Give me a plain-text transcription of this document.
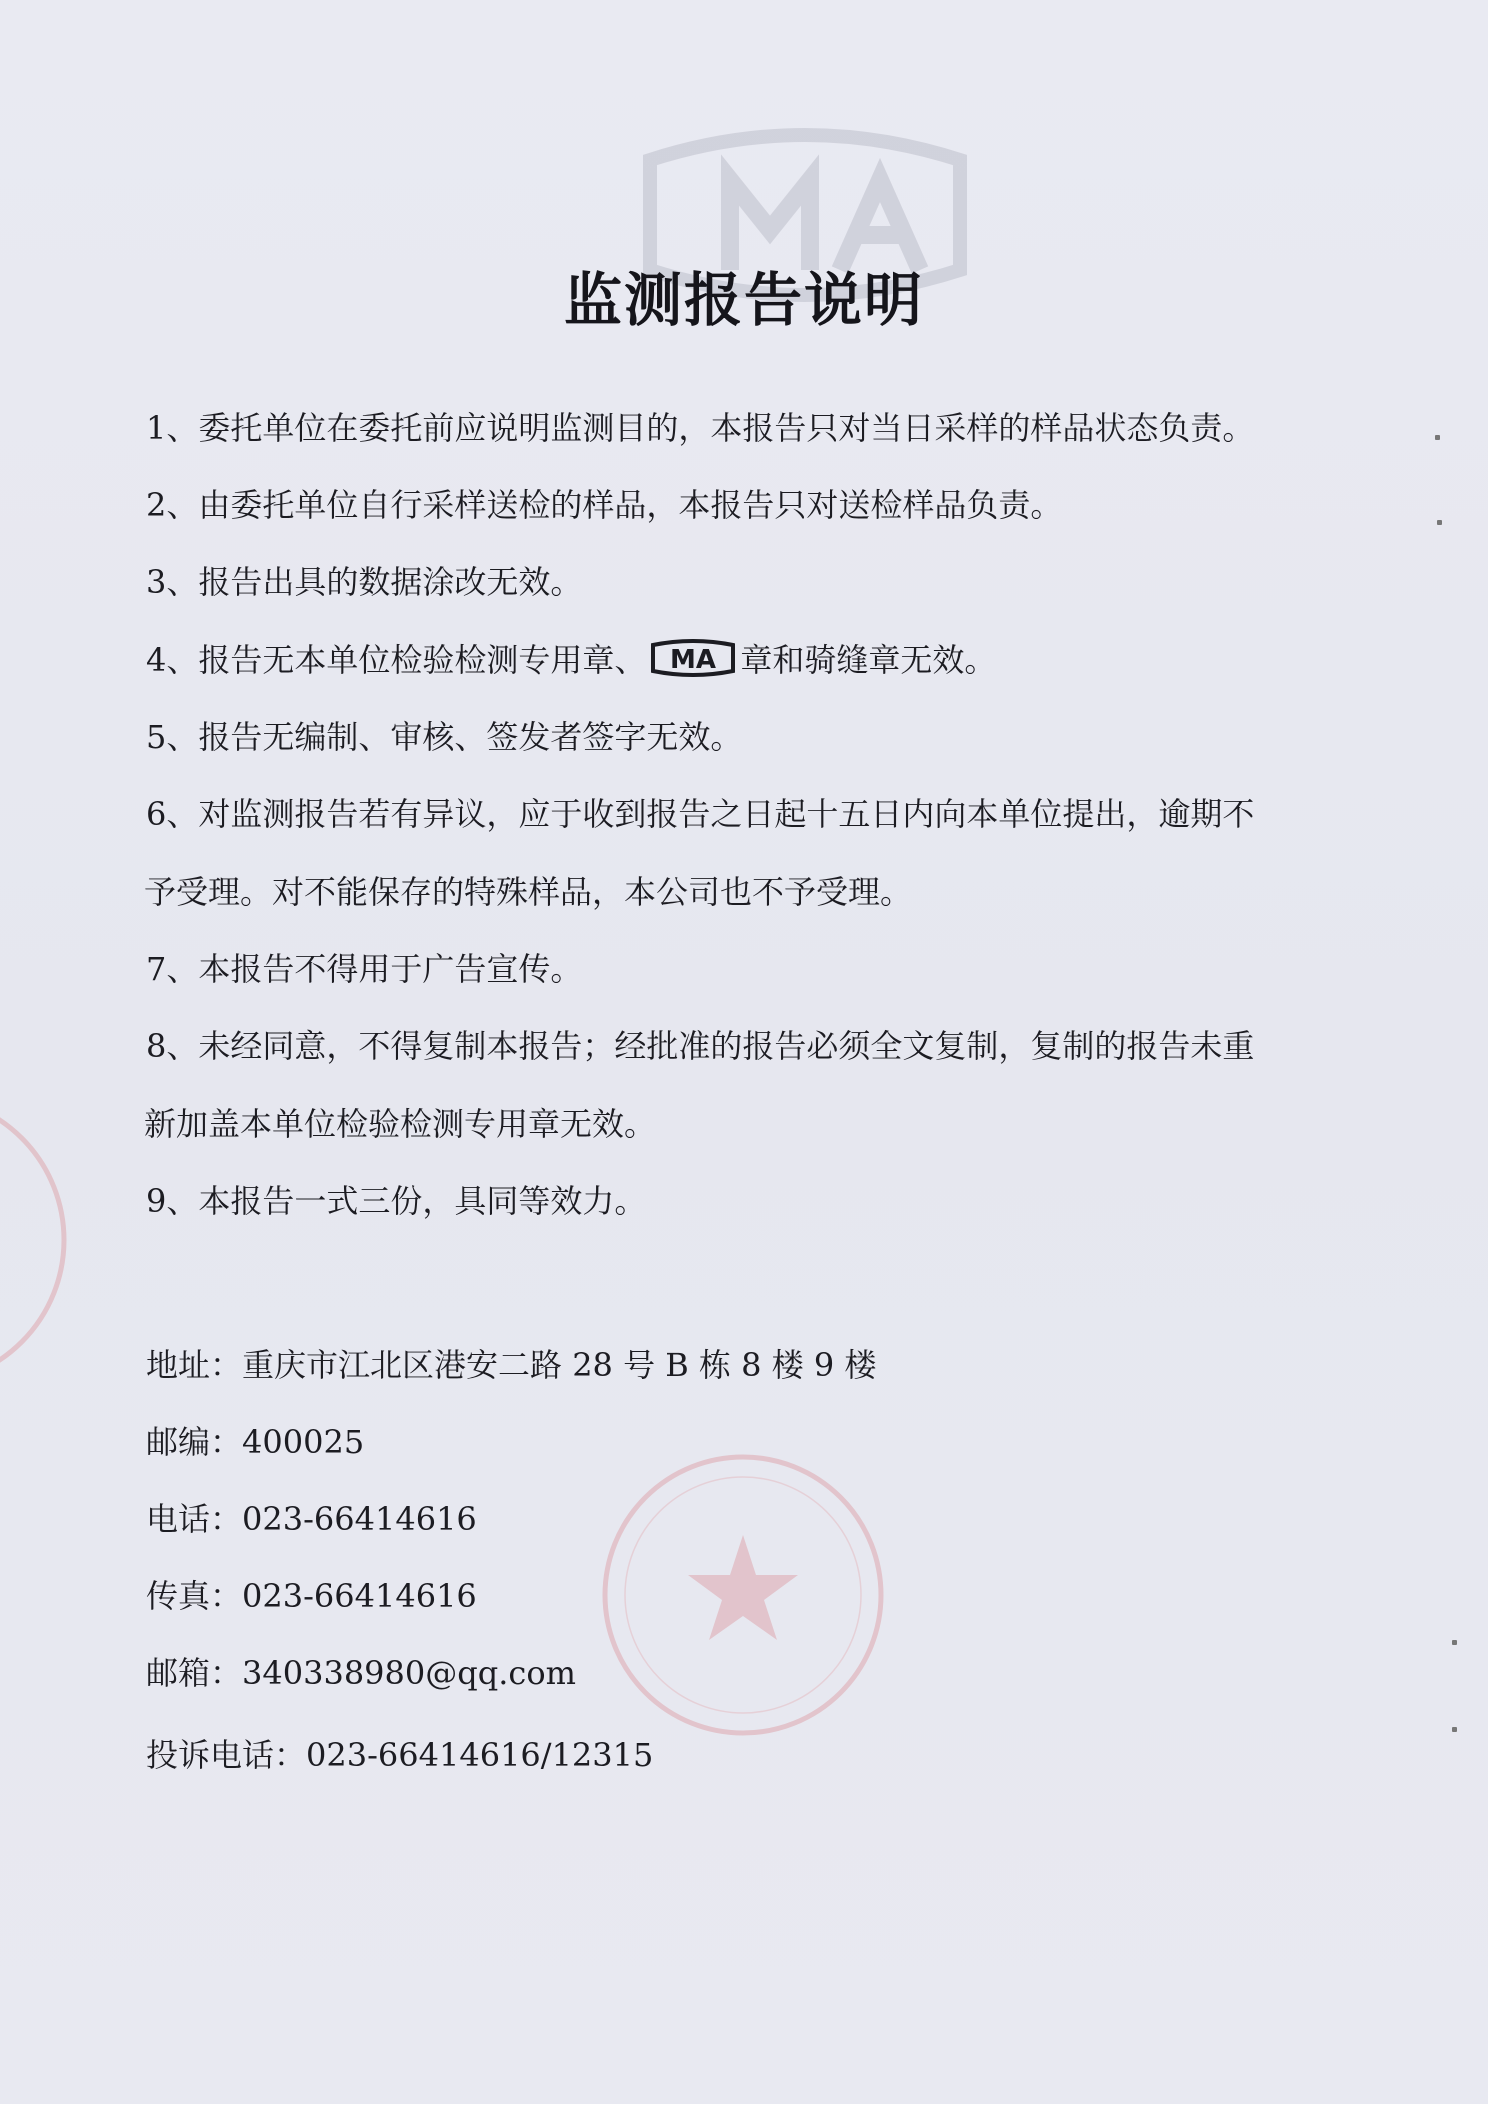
监测报告说明
1、委托单位在委托前应说明监测目的，本报告只对当日采样的样品状态负责。
2、由委托单位自行采样送检的样品，本报告只对送检样品负责。
3、报告出具的数据涂改无效。
4、报告无本单位检验检测专用章、 MA 章和骑缝章无效。
5、报告无编制、审核、签发者签字无效。
6、对监测报告若有异议，应于收到报告之日起十五日内向本单位提出，逾期不
予受理。对不能保存的特殊样品，本公司也不予受理。
7、本报告不得用于广告宣传。
8、未经同意，不得复制本报告；经批准的报告必须全文复制，复制的报告未重
新加盖本单位检验检测专用章无效。
9、本报告一式三份，具同等效力。
地址：重庆市江北区港安二路 28 号 B 栋 8 楼 9 楼
邮编：400025
电话：023-66414616
传真：023-66414616
邮箱：340338980@qq.com
投诉电话：023-66414616/12315
